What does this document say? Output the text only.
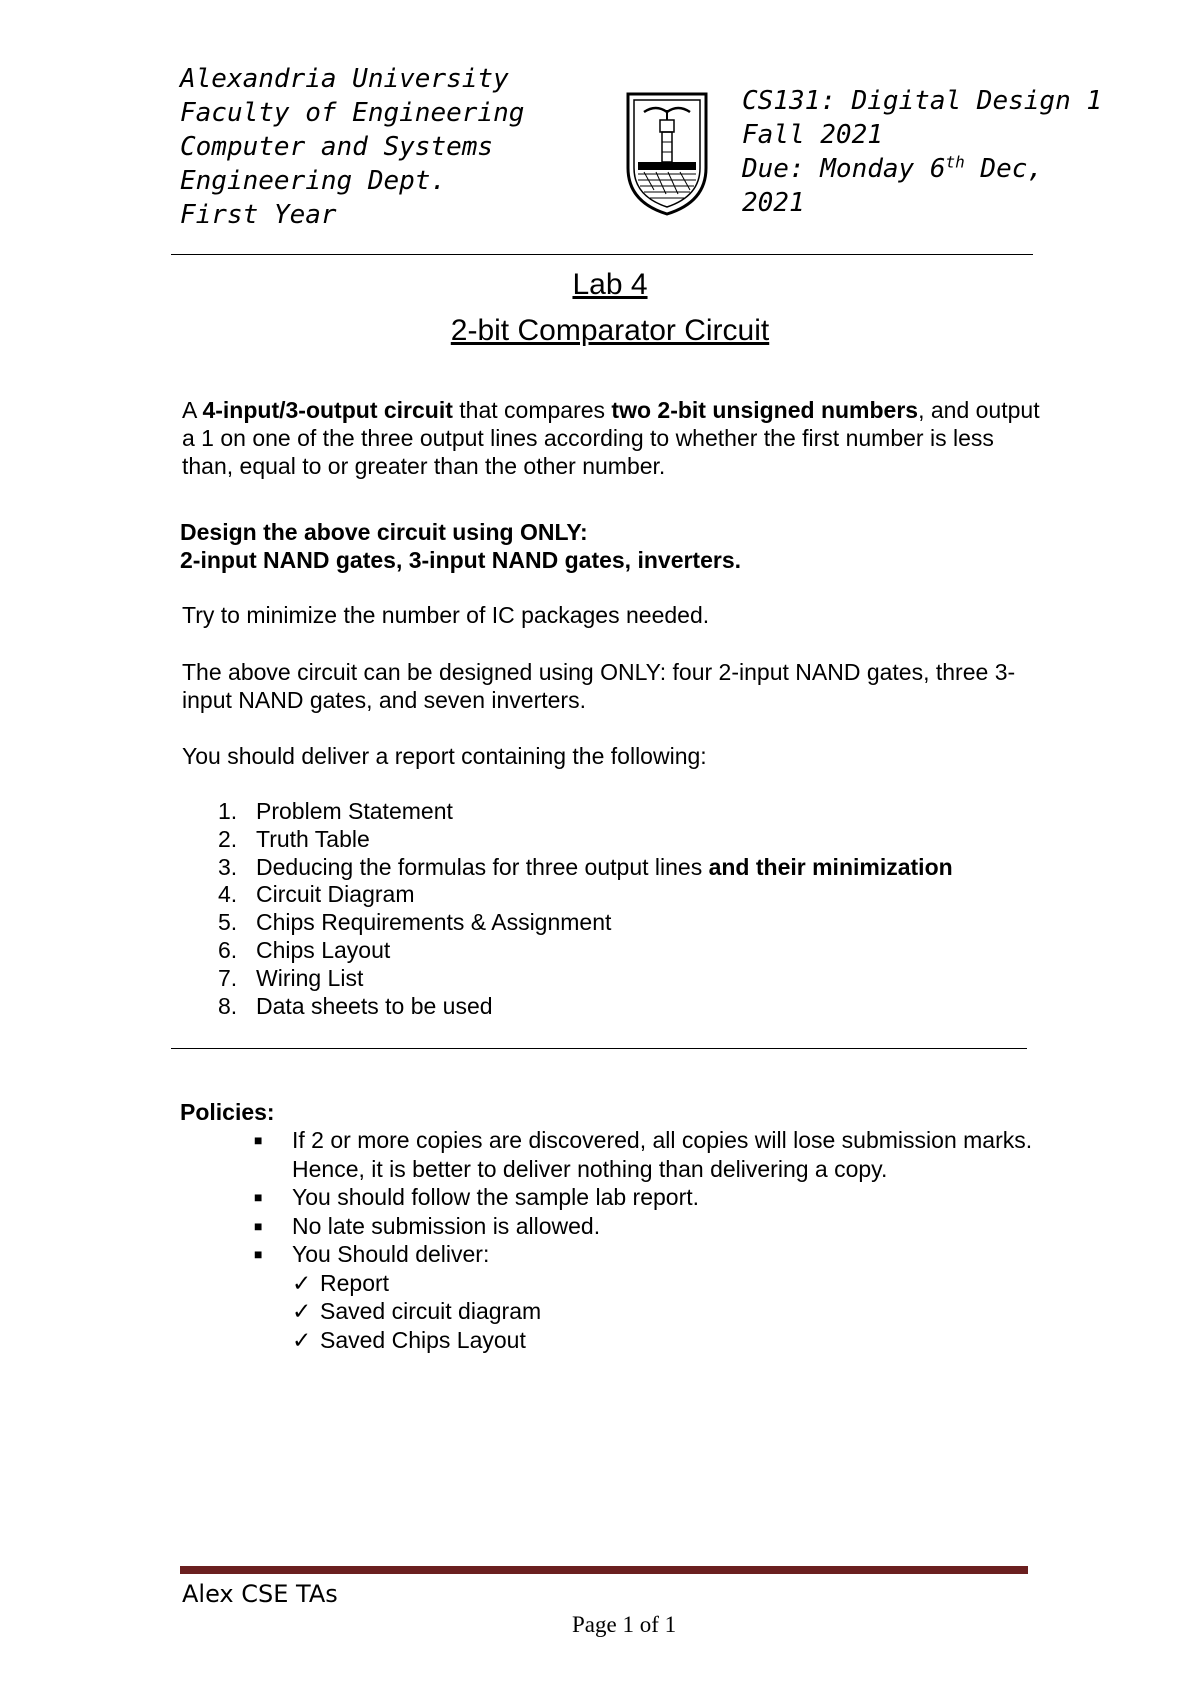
Alexandria University
Faculty of Engineering
Computer and Systems
Engineering Dept.
First Year
CS131: Digital Design 1
Fall 2021
Due: Monday 6th Dec,
2021
Lab 4
2-bit Comparator Circuit
A 4-input/3-output circuit that compares two 2-bit unsigned numbers, and output a 1 on one of the three output lines according to whether the first number is less than, equal to or greater than the other number.
Design the above circuit using ONLY:
2-input NAND gates, 3-input NAND gates, inverters.
Try to minimize the number of IC packages needed.
The above circuit can be designed using ONLY: four 2-input NAND gates, three 3-input NAND gates, and seven inverters.
You should deliver a report containing the following:
1. Problem Statement
2. Truth Table
3. Deducing the formulas for three output lines and their minimization
4. Circuit Diagram
5. Chips Requirements & Assignment
6. Chips Layout
7. Wiring List
8. Data sheets to be used
Policies:
■	If 2 or more copies are discovered, all copies will lose submission marks.
Hence, it is better to deliver nothing than delivering a copy.
■	You should follow the sample lab report.
■	No late submission is allowed.
■	You Should deliver:
✓ Report
✓ Saved circuit diagram
✓ Saved Chips Layout
Alex CSE TAs
Page 1 of 1
